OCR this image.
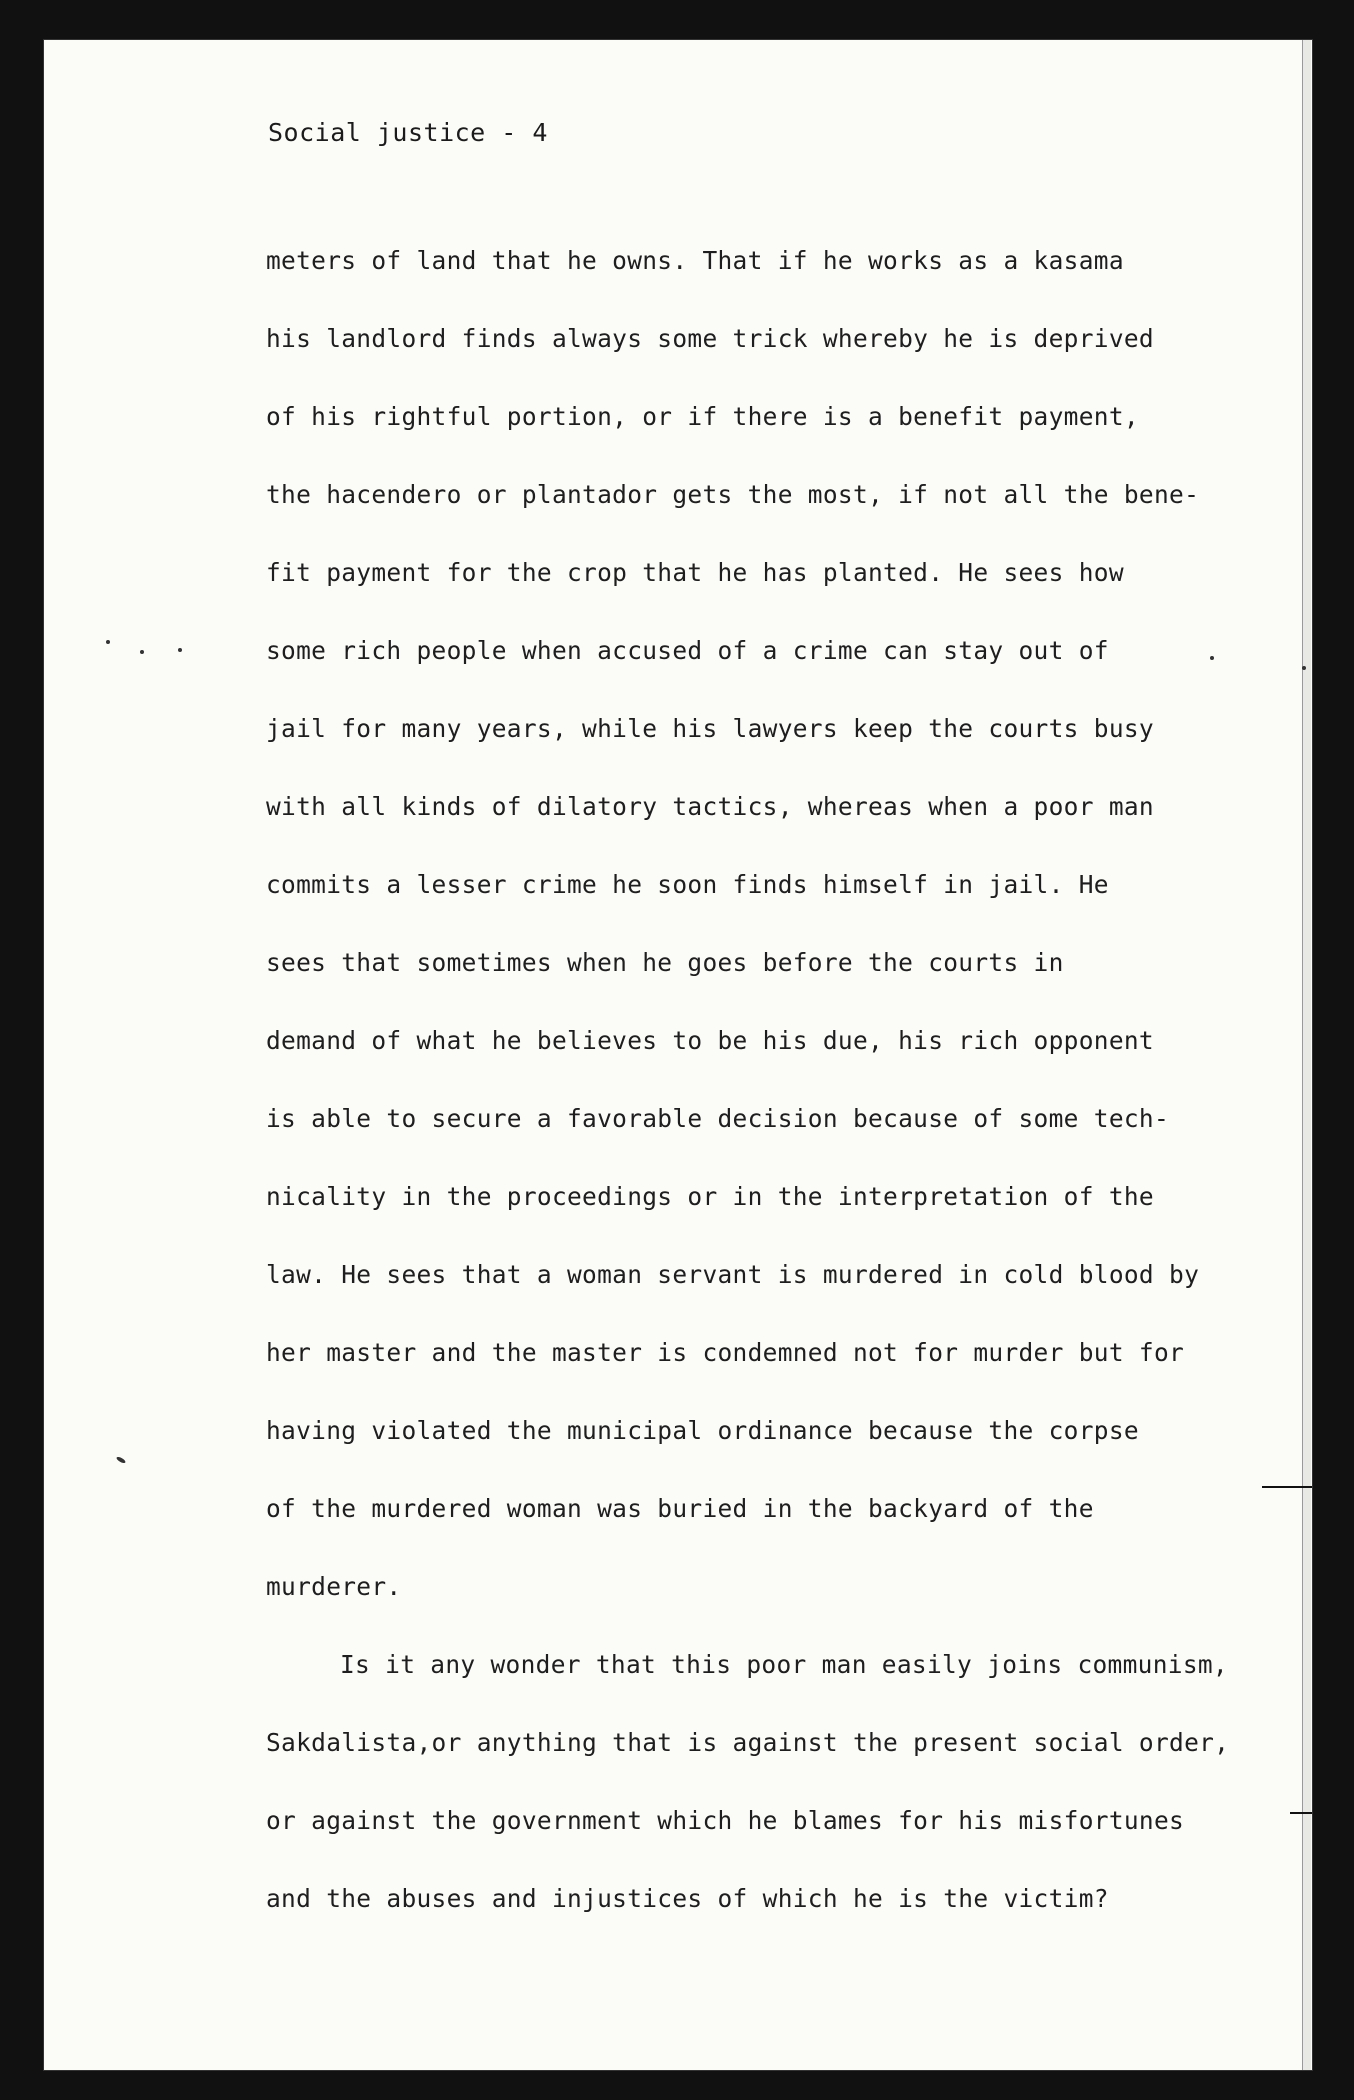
Social justice - 4
meters of land that he owns. That if he works as a kasama
his landlord finds always some trick whereby he is deprived
of his rightful portion, or if there is a benefit payment,
the hacendero or plantador gets the most, if not all the bene-
fit payment for the crop that he has planted. He sees how
some rich people when accused of a crime can stay out of
jail for many years, while his lawyers keep the courts busy
with all kinds of dilatory tactics, whereas when a poor man
commits a lesser crime he soon finds himself in jail. He
sees that sometimes when he goes before the courts in
demand of what he believes to be his due, his rich opponent
is able to secure a favorable decision because of some tech-
nicality in the proceedings or in the interpretation of the
law. He sees that a woman servant is murdered in cold blood by
her master and the master is condemned not for murder but for
having violated the municipal ordinance because the corpse
of the murdered woman was buried in the backyard of the
murderer.
Is it any wonder that this poor man easily joins communism,
Sakdalista,or anything that is against the present social order,
or against the government which he blames for his misfortunes
and the abuses and injustices of which he is the victim?
